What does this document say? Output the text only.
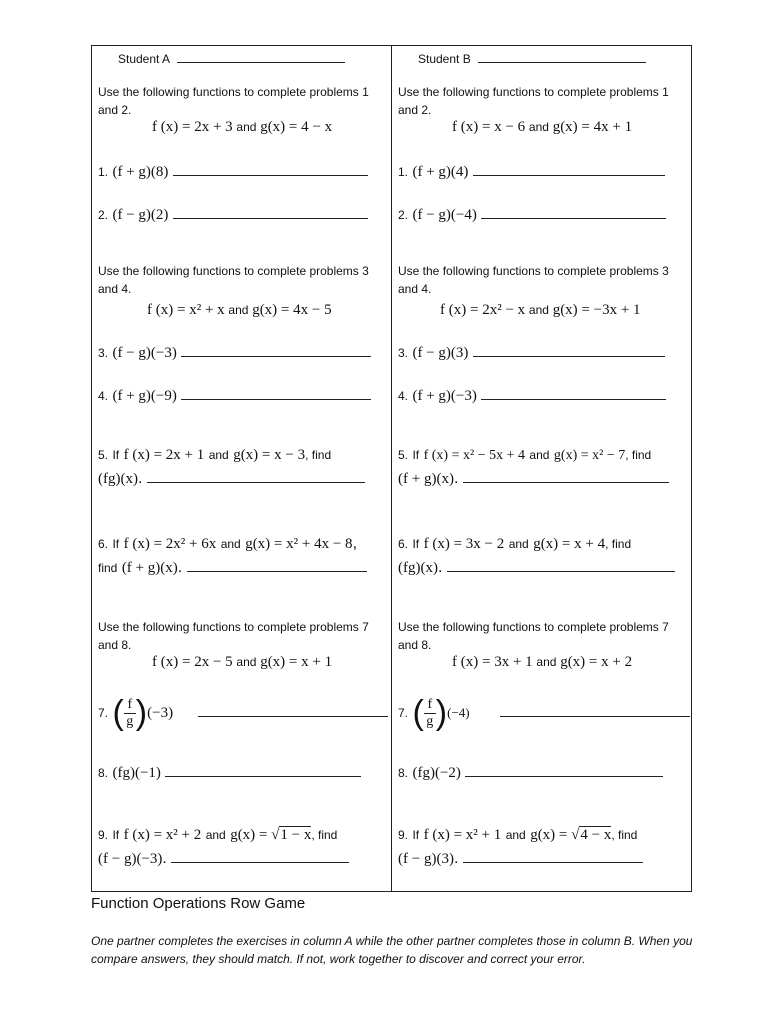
Student A
Use the following functions to complete problems 1 and 2.
f (x) = 2x + 3 and g(x) = 4 − x
1. (f + g)(8)
2. (f − g)(2)
Use the following functions to complete problems 3 and 4.
f (x) = x² + x and g(x) = 4x − 5
3. (f − g)(−3)
4. (f + g)(−9)
5. If f (x) = 2x + 1 and g(x) = x − 3, find
(fg)(x).
6. If f (x) = 2x² + 6x and g(x) = x² + 4x − 8,
find (f + g)(x).
Use the following functions to complete problems 7 and 8.
f (x) = 2x − 5 and g(x) = x + 1
7. ( $\frac{f}{g} )(-3)$
8. (fg)(−1)
9. If f (x) = x² + 2 and g(x) = √1 − x, find
(f − g)(−3).
Student B
Use the following functions to complete problems 1 and 2.
f (x) = x − 6 and g(x) = 4x + 1
1. (f + g)(4)
2. (f − g)(−4)
Use the following functions to complete problems 3 and 4.
f (x) = 2x² − x and g(x) = −3x + 1
3. (f − g)(3)
4. (f + g)(−3)
5. If f (x) = x² − 5x + 4 and g(x) = x² − 7, find
(f + g)(x).
6. If f (x) = 3x − 2 and g(x) = x + 4, find
(fg)(x).
Use the following functions to complete problems 7 and 8.
f (x) = 3x + 1 and g(x) = x + 2
7. ( $\frac{f}{g} )(-4)$
8. (fg)(−2)
9. If f (x) = x² + 1 and g(x) = √4 − x, find
(f − g)(3).
Function Operations Row Game
One partner completes the exercises in column A while the other partner completes those in column B. When you compare answers, they should match. If not, work together to discover and correct your error.
